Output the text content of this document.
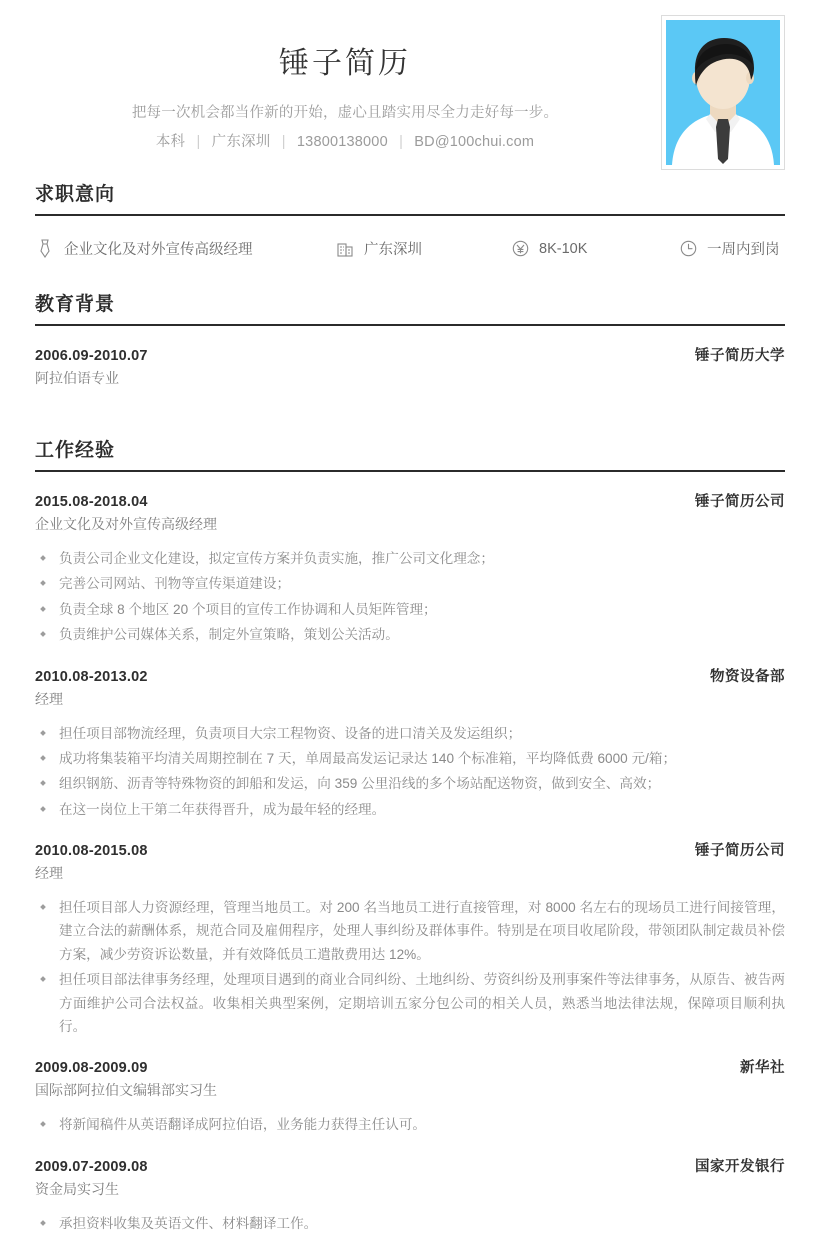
锤子简历
把每一次机会都当作新的开始，虚心且踏实用尽全力走好每一步。
本科 | 广东深圳 | 13800138000 | BD@100chui.com
求职意向
企业文化及对外宣传高级经理	广东深圳	8K-10K	一周内到岗
教育背景
2006.09-2010.07	锤子简历大学
阿拉伯语专业
工作经验
2015.08-2018.04	锤子简历公司
企业文化及对外宣传高级经理
负责公司企业文化建设，拟定宣传方案并负责实施，推广公司文化理念；
完善公司网站、刊物等宣传渠道建设；
负责全球 8 个地区 20 个项目的宣传工作协调和人员矩阵管理；
负责维护公司媒体关系，制定外宣策略，策划公关活动。
2010.08-2013.02	物资设备部
经理
担任项目部物流经理，负责项目大宗工程物资、设备的进口清关及发运组织；
成功将集装箱平均清关周期控制在 7 天，单周最高发运记录达 140 个标准箱，平均降低费 6000 元/箱；
组织钢筋、沥青等特殊物资的卸船和发运，向 359 公里沿线的多个场站配送物资，做到安全、高效；
在这一岗位上干第二年获得晋升，成为最年轻的经理。
2010.08-2015.08	锤子简历公司
经理
担任项目部人力资源经理，管理当地员工。对 200 名当地员工进行直接管理，对 8000 名左右的现场员工进行间接管理，建立合法的薪酬体系，规范合同及雇佣程序，处理人事纠纷及群体事件。特别是在项目收尾阶段，带领团队制定裁员补偿方案，减少劳资诉讼数量，并有效降低员工遣散费用达 12%。
担任项目部法律事务经理，处理项目遇到的商业合同纠纷、土地纠纷、劳资纠纷及刑事案件等法律事务，从原告、被告两方面维护公司合法权益。收集相关典型案例，定期培训五家分包公司的相关人员，熟悉当地法律法规，保障项目顺利执行。
2009.08-2009.09	新华社
国际部阿拉伯文编辑部实习生
将新闻稿件从英语翻译成阿拉伯语，业务能力获得主任认可。
2009.07-2009.08	国家开发银行
资金局实习生
承担资料收集及英语文件、材料翻译工作。
